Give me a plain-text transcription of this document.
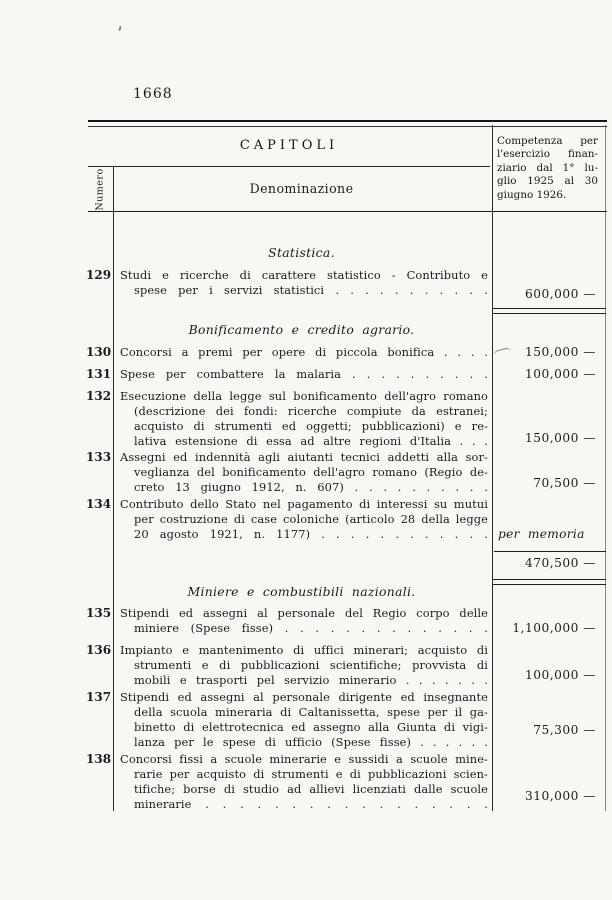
1668
CAPITOLI
Numero	Denominazione
Competenza per
l'esercizio finan-
ziario dal 1° lu-
glio 1925 al 30
giugno 1926.
Statistica.
129 Studi e ricerche di carattere statistico - Contributo e
spese per i servizi statistici . . . . . . . . . . .	600,000 —
Bonificamento e credito agrario.
130 Concorsi a premi per opere di piccola bonifica . . . .	150,000 —
131 Spese per combattere la malaria . . . . . . . . . .	100,000 —
132 Esecuzione della legge sul bonificamento dell'agro romano
(descrizione dei fondi: ricerche compiute da estranei;
acquisto di strumenti ed oggetti; pubblicazioni) e re-
lativa estensione di essa ad altre regioni d'Italia . . .	150,000 —
133 Assegni ed indennità agli aiutanti tecnici addetti alla sor-
veglianza del bonificamento dell'agro romano (Regio de-
creto 13 giugno 1912, n. 607) . . . . . . . . . .	70,500 —
134 Contributo dello Stato nel pagamento di interessi su mutui
per costruzione di case coloniche (articolo 28 della legge
20 agosto 1921, n. 1177) . . . . . . . . . . . . per memoria
470,500 —
Miniere e combustibili nazionali.
135 Stipendi ed assegni al personale del Regio corpo delle
miniere (Spese fisse) . . . . . . . . . . . . . .	1,100,000 —
136 Impianto e mantenimento di uffici minerari; acquisto di
strumenti e di pubblicazioni scientifiche; provvista di
mobili e trasporti pel servizio minerario . . . . . . .	100,000 —
137 Stipendi ed assegni al personale dirigente ed insegnante
della scuola mineraria di Caltanissetta, spese per il ga-
binetto di elettrotecnica ed assegno alla Giunta di vigi-
lanza per le spese di ufficio (Spese fisse) . . . . . .
75,300 —
138 Concorsi fissi a scuole minerarie e sussidi a scuole mine-
rarie per acquisto di strumenti e di pubblicazioni scien-
tifiche; borse di studio ad allievi licenziati dalle scuole
minerarie . . . . . . . . . . . . . . . . .
310,000 —
